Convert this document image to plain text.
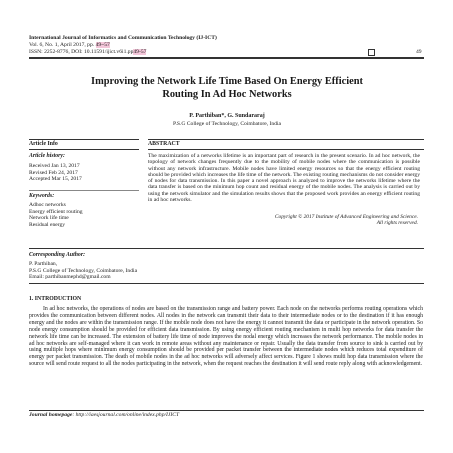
International Journal of Informatics and Communication Technology (IJ-ICT)
Vol. 6, No. 1, April 2017, pp. 49~57
ISSN: 2252-8776, DOI: 10.11591/ijict.v6i1.pp49-57	49
Improving the Network Life Time Based On Energy Efficient
Routing In Ad Hoc Networks
P. Parthiban*, G. Sundararaj
P.S.G College of Technology, Coimbatore, India
Article Info	ABSTRACT
Article history:
Received Jan 13, 2017
Revised Feb 24, 2017
Accepted Mar 15, 2017
Keywords:
Adhoc networks
Energy efficient routing
Network life time
Residual energy
The maximization of a networks lifetime is an important part of research in the present scenario. In ad hoc network, the topology of network changes frequently due to the mobility of mobile nodes where the communication is possible without any network infrastructure. Mobile nodes have limited energy resources so that the energy efficient routing should be provided which increases the life time of the network. The existing routing mechanisms do not consider energy of nodes for data transmission. In this paper a novel approach is analyzed to improve the networks lifetime where the data transfer is based on the minimum hop count and residual energy of the mobile nodes. The analysis is carried out by using the network simulator and the simulation results shows that the proposed work provides an energy efficient routing in ad hoc networks.
Copyright © 2017 Institute of Advanced Engineering and Science.
All rights reserved.
Corresponding Author:
P. Parthiban,
P.S.G College of Technology, Coimbatore, India
Email: parthibanmephd@gmail.com
1. INTRODUCTION
In ad hoc networks, the operations of nodes are based on the transmission range and battery power. Each node on the networks performs routing operations which provides the communication between different nodes. All nodes in the network can transmit their data to their intermediate nodes or to the destination if it has enough energy and the nodes are within the transmission range. If the mobile node does not have the energy it cannot transmit the data or participate in the network operation. So node energy consumption should be provided for efficient data transmission. By using energy efficient routing mechanism in multi hop networks for data transfer the network life time can be increased. The extension of battery life time of node improves the nodal energy which increases the network performance. The mobile nodes in ad hoc networks are self-managed where it can work in remote areas without any maintenance or repair. Usually the data transfer from source to sink is carried out by using multiple hops where minimum energy consumption should be provided per packet transfer between the intermediate nodes which reduces total expenditure of energy per packet transmission. The death of mobile nodes in the ad hoc networks will adversely affect services. Figure 1 shows multi hop data transmission where the source will send route request to all the nodes participating in the network, when the request reaches the destination it will send route reply along with acknowledgement.
Journal homepage: http://iaesjournal.com/online/index.php/IJICT
